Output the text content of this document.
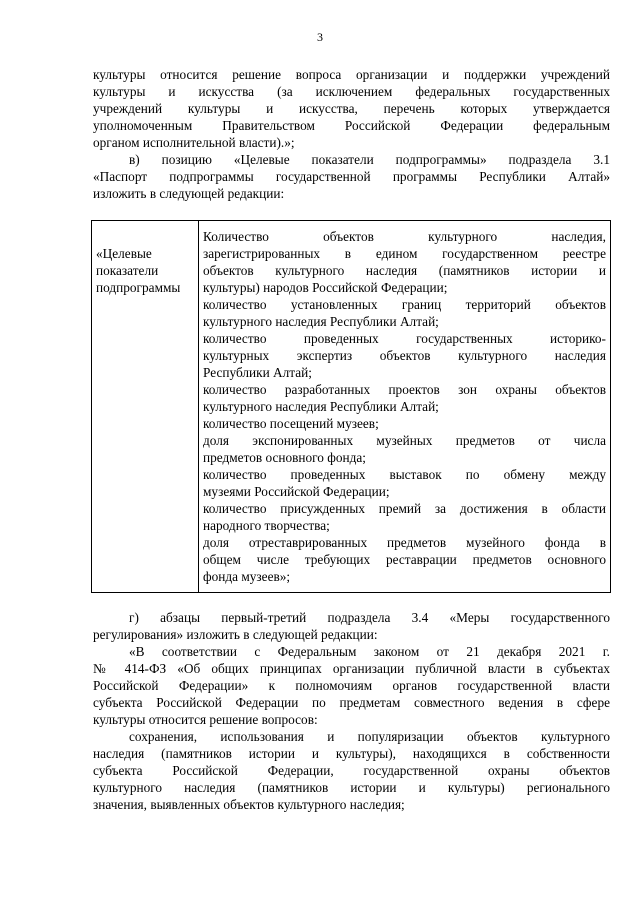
3
культуры относится решение вопроса организации и поддержки учреждений
культуры и искусства (за исключением федеральных государственных
учреждений культуры и искусства, перечень которых утверждается
уполномоченным Правительством Российской Федерации федеральным
органом исполнительной власти).»;
в) позицию «Целевые показатели подпрограммы» подраздела 3.1
«Паспорт подпрограммы государственной программы Республики Алтай»
изложить в следующей редакции:
«Целевые
показатели
подпрограммы
Количество объектов культурного наследия,
зарегистрированных в едином государственном реестре
объектов культурного наследия (памятников истории и
культуры) народов Российской Федерации;
количество установленных границ территорий объектов
культурного наследия Республики Алтай;
количество проведенных государственных историко-
культурных экспертиз объектов культурного наследия
Республики Алтай;
количество разработанных проектов зон охраны объектов
культурного наследия Республики Алтай;
количество посещений музеев;
доля экспонированных музейных предметов от числа
предметов основного фонда;
количество проведенных выставок по обмену между
музеями Российской Федерации;
количество присужденных премий за достижения в области
народного творчества;
доля отреставрированных предметов музейного фонда в
общем числе требующих реставрации предметов основного
фонда музеев»;
г) абзацы первый-третий подраздела 3.4 «Меры государственного
регулирования» изложить в следующей редакции:
«В соответствии с Федеральным законом от 21 декабря 2021 г.
№ 414-ФЗ «Об общих принципах организации публичной власти в субъектах
Российской Федерации» к полномочиям органов государственной власти
субъекта Российской Федерации по предметам совместного ведения в сфере
культуры относится решение вопросов:
сохранения, использования и популяризации объектов культурного
наследия (памятников истории и культуры), находящихся в собственности
субъекта Российской Федерации, государственной охраны объектов
культурного наследия (памятников истории и культуры) регионального
значения, выявленных объектов культурного наследия;
